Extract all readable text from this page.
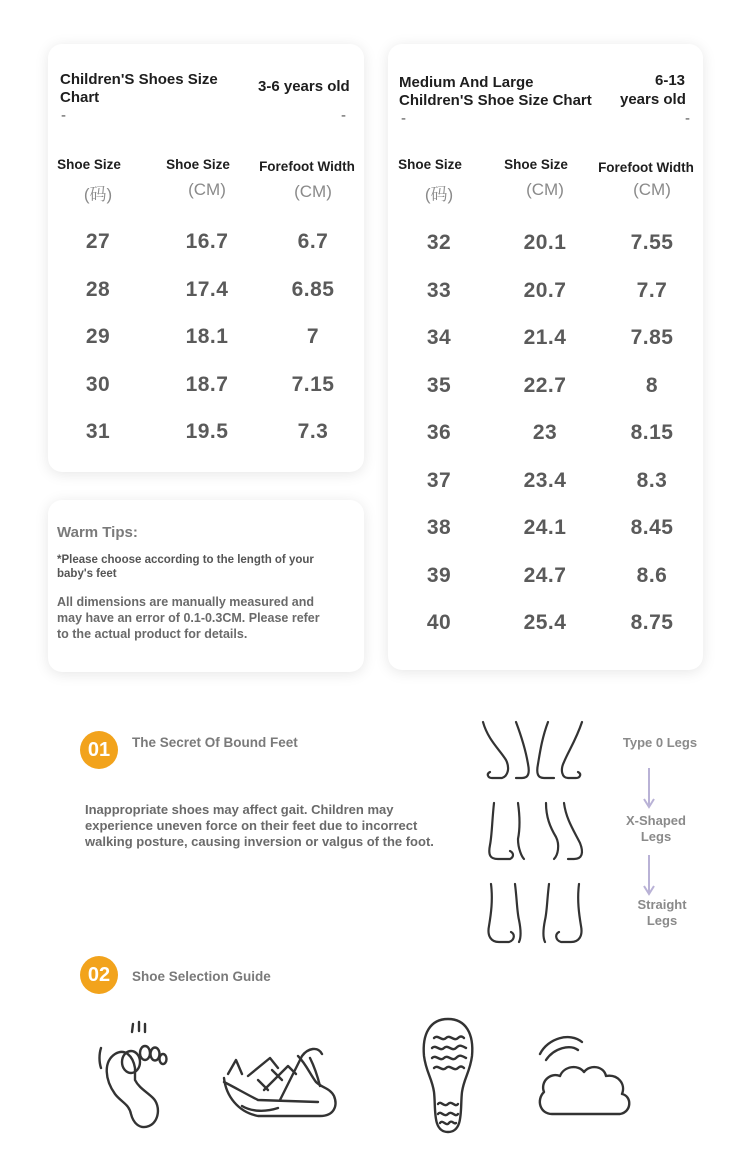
Children'S Shoes Size Chart
3-6 years old
-	-
Shoe Size	Shoe Size	Forefoot Width
(码)	(CM)	(CM)
27	16.7	6.7
28	17.4	6.85
29	18.1	7
30	18.7	7.15
31	19.5	7.3
Warm Tips:
*Please choose according to the length of your
baby's feet
All dimensions are manually measured and
may have an error of 0.1-0.3CM. Please refer
to the actual product for details.
Medium And Large
Children'S Shoe Size Chart
6-13
years old
-	-
Shoe Size	Shoe Size	Forefoot Width
(码)	(CM)	(CM)
32	20.1	7.55
33	20.7	7.7
34	21.4	7.85
35	22.7	8
36	23	8.15
37	23.4	8.3
38	24.1	8.45
39	24.7	8.6
40	25.4	8.75
01	The Secret Of Bound Feet
Inappropriate shoes may affect gait. Children may
experience uneven force on their feet due to incorrect
walking posture, causing inversion or valgus of the foot.
Type 0 Legs
X-Shaped
Legs
Straight
Legs
02	Shoe Selection Guide
